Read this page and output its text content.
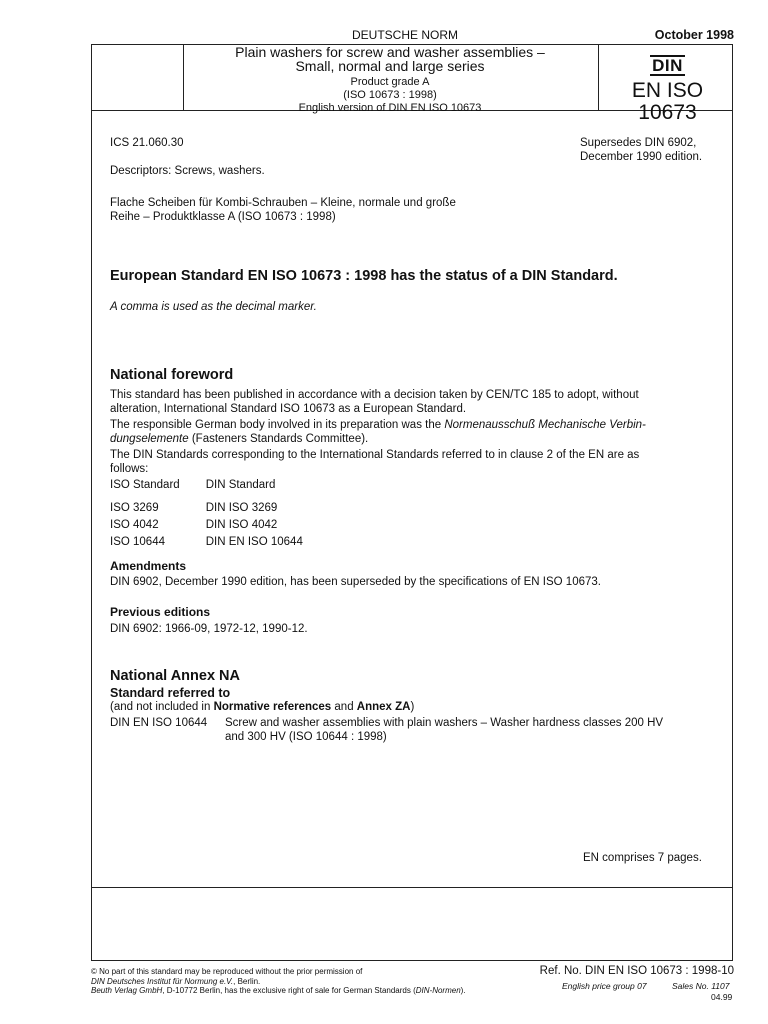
DEUTSCHE NORM	October 1998
Plain washers for screw and washer assemblies –
Small, normal and large series
Product grade A
(ISO 10673 : 1998)
English version of DIN EN ISO 10673
DIN
EN ISO 10673
ICS 21.060.30	Supersedes DIN 6902,
December 1990 edition.
Descriptors: Screws, washers.
Flache Scheiben für Kombi-Schrauben – Kleine, normale und große
Reihe – Produktklasse A (ISO 10673 : 1998)
European Standard EN ISO 10673 : 1998 has the status of a DIN Standard.
A comma is used as the decimal marker.
National foreword
This standard has been published in accordance with a decision taken by CEN/TC 185 to adopt, without
alteration, International Standard ISO 10673 as a European Standard.
The responsible German body involved in its preparation was the Normenausschuß Mechanische Verbin-
dungselemente (Fasteners Standards Committee).
The DIN Standards corresponding to the International Standards referred to in clause 2 of the EN are as
follows:
ISO Standard	DIN Standard
ISO 3269	DIN ISO 3269
ISO 4042	DIN ISO 4042
ISO 10644	DIN EN ISO 10644
Amendments
DIN 6902, December 1990 edition, has been superseded by the specifications of EN ISO 10673.
Previous editions
DIN 6902: 1966-09, 1972-12, 1990-12.
National Annex NA
Standard referred to
(and not included in Normative references and Annex ZA)
DIN EN ISO 10644 Screw and washer assemblies with plain washers – Washer hardness classes 200 HV
and 300 HV (ISO 10644 : 1998)
EN comprises 7 pages.
© No part of this standard may be reproduced without the prior permission of
DIN Deutsches Institut für Normung e.V., Berlin.
Beuth Verlag GmbH, D-10772 Berlin, has the exclusive right of sale for German Standards (DIN-Normen).
Ref. No. DIN EN ISO 10673 : 1998-10
English price group 07	Sales No. 1107
04.99
